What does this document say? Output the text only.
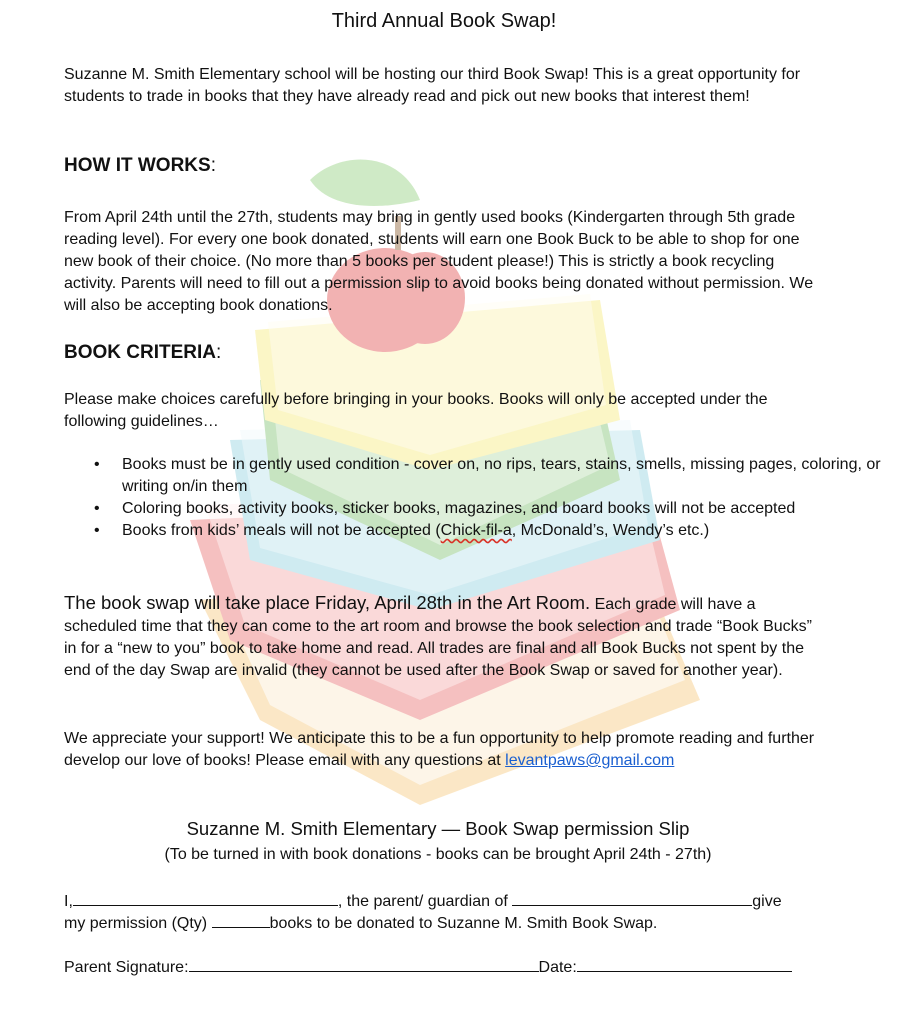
Third Annual Book Swap!

Suzanne M. Smith Elementary school will be hosting our third Book Swap! This is a great opportunity for students to trade in books that they have already read and pick out new books that interest them!

HOW IT WORKS:

From April 24th until the 27th, students may bring in gently used books (Kindergarten through 5th grade reading level). For every one book donated, students will earn one Book Buck to be able to shop for one new book of their choice. (No more than 5 books per student please!) This is strictly a book recycling activity. Parents will need to fill out a permission slip to avoid books being donated without permission. We will also be accepting book donations.

BOOK CRITERIA:

Please make choices carefully before bringing in your books. Books will only be accepted under the following guidelines…

• Books must be in gently used condition - cover on, no rips, tears, stains, smells, missing pages, coloring, or writing on/in them
• Coloring books, activity books, sticker books, magazines, and board books will not be accepted
• Books from kids’ meals will not be accepted (Chick-fil-a, McDonald’s, Wendy’s etc.)

The book swap will take place Friday, April 28th in the Art Room. Each grade will have a scheduled time that they can come to the art room and browse the book selection and trade “Book Bucks” in for a “new to you” book to take home and read. All trades are final and all Book Bucks not spent by the end of the day Swap are invalid (they cannot be used after the Book Swap or saved for another year).

We appreciate your support! We anticipate this to be a fun opportunity to help promote reading and further develop our love of books! Please email with any questions at levantpaws@gmail.com

Suzanne M. Smith Elementary — Book Swap permission Slip
(To be turned in with book donations - books can be brought April 24th - 27th)
I,	, the parent/ guardian of	give
my permission (Qty)	books to be donated to Suzanne M. Smith Book Swap.
Parent Signature:	Date:
